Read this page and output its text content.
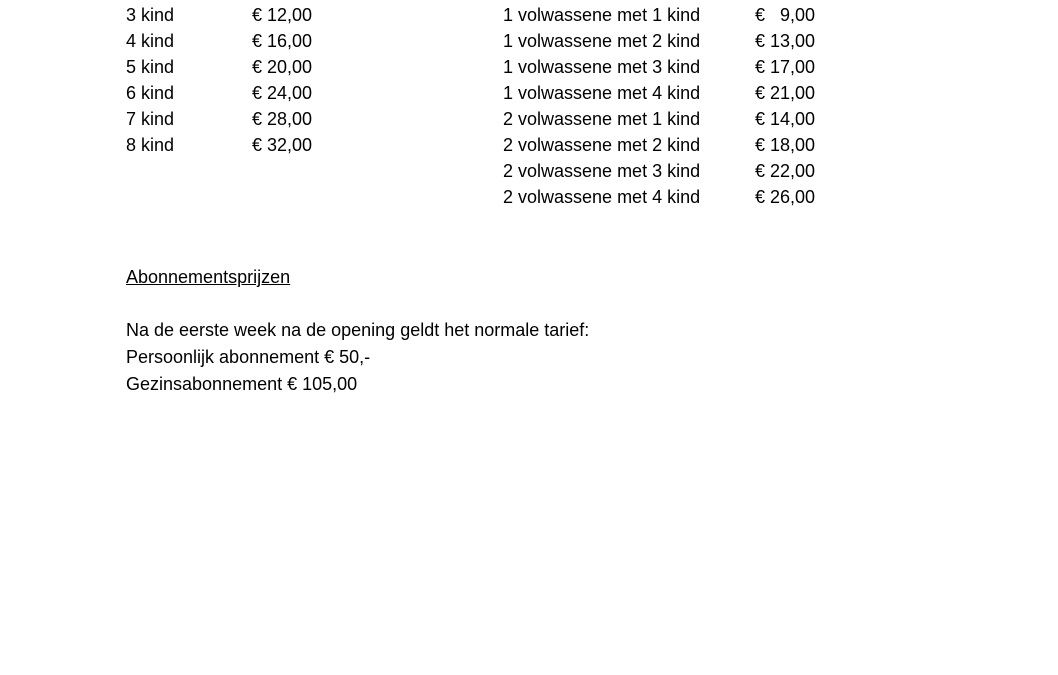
3 kind
4 kind
5 kind
6 kind
7 kind
8 kind
€ 12,00
€ 16,00
€ 20,00
€ 24,00
€ 28,00
€ 32,00
1 volwassene met 1 kind
1 volwassene met 2 kind
1 volwassene met 3 kind
1 volwassene met 4 kind
2 volwassene met 1 kind
2 volwassene met 2 kind
2 volwassene met 3 kind
2 volwassene met 4 kind
€   9,00
€ 13,00
€ 17,00
€ 21,00
€ 14,00
€ 18,00
€ 22,00
€ 26,00
Abonnementsprijzen
Na de eerste week na de opening geldt het normale tarief:
Persoonlijk abonnement € 50,-
Gezinsabonnement € 105,00
